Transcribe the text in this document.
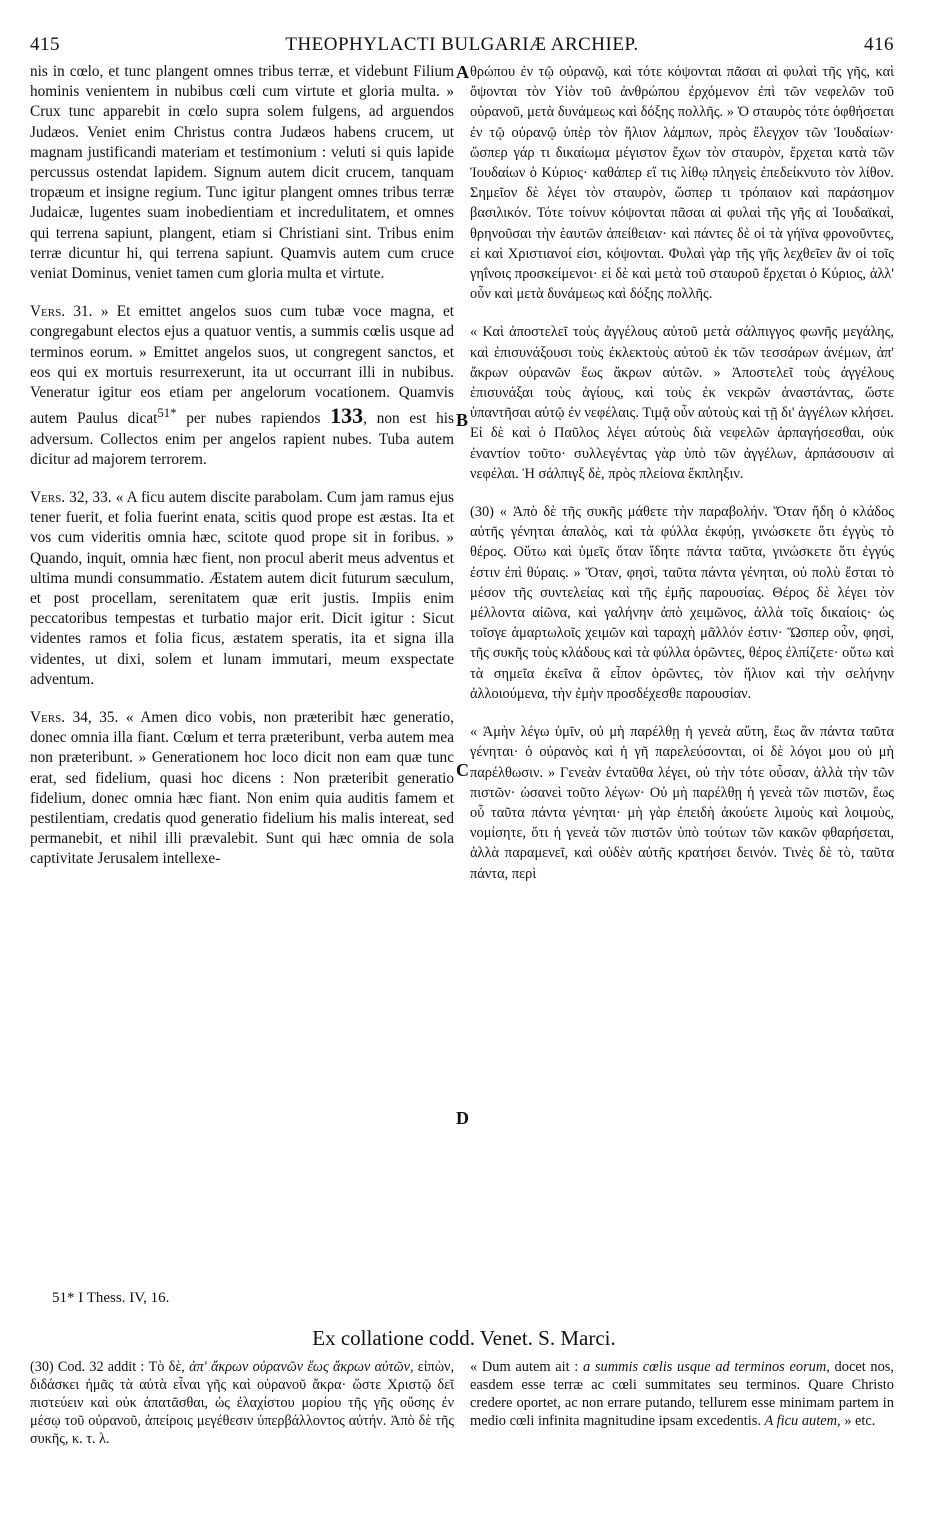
415	THEOPHYLACTI BULGARIÆ ARCHIEP.	416

nis in cœlo, et tunc plangent omnes tribus terræ, et videbunt Filium hominis venientem in nubibus cœli cum virtute et gloria multa. » Crux tunc apparebit in cœlo supra solem fulgens, ad arguendos Judæos. Veniet enim Christus contra Judæos habens crucem, ut magnam justificandi materiam et testimonium : veluti si quis lapide percussus ostendat lapidem. Signum autem dicit crucem, tanquam tropæum et insigne regium. Tunc igitur plangent omnes tribus terræ Judaicæ, lugentes suam inobedientiam et incredulitatem, et omnes qui terrena sapiunt, plangent, etiam si Christiani sint. Tribus enim terræ dicuntur hi, qui terrena sapiunt. Quamvis autem cum cruce veniat Dominus, veniet tamen cum gloria multa et virtute.

Vers. 31. » Et emittet angelos suos cum tubæ voce magna, et congregabunt electos ejus a quatuor ventis, a summis cœlis usque ad terminos eorum. » Emittet angelos suos, ut congregent sanctos, et eos qui ex mortuis resurrexerunt, ita ut occurrant illi in nubibus. Veneratur igitur eos etiam per angelorum vocationem. Quamvis autem Paulus dicat$^{51*}$ per nubes rapiendos 133, non est his adversum. Collectos enim per angelos rapient nubes. Tuba autem dicitur ad majorem terrorem.

Vers. 32, 33. « A ficu autem discite parabolam. Cum jam ramus ejus tener fuerit, et folia fuerint enata, scitis quod prope est æstas. Ita et vos cum videritis omnia hæc, scitote quod prope sit in foribus. » Quando, inquit, omnia hæc fient, non procul aberit meus adventus et ultima mundi consummatio. Æstatem autem dicit futurum sæculum, et post procellam, serenitatem quæ erit justis. Impiis enim peccatoribus tempestas et turbatio major erit. Dicit igitur : Sicut videntes ramos et folia ficus, æstatem speratis, ita et signa illa videntes, ut dixi, solem et lunam immutari, meum exspectate adventum.

Vers. 34, 35. « Amen dico vobis, non præteribit hæc generatio, donec omnia illa fiant. Cœlum et terra præteribunt, verba autem mea non præteribunt. » Generationem hoc loco dicit non eam quæ tunc erat, sed fidelium, quasi hoc dicens : Non præteribit generatio fidelium, donec omnia hæc fiant. Non enim quia auditis famem et pestilentiam, credatis quod generatio fidelium his malis intereat, sed permanebit, et nihil illi prævalebit. Sunt qui hæc omnia de sola captivitate Jerusalem intellexe-

θρώπου ἐν τῷ οὐρανῷ, καὶ τότε κόψονται πᾶσαι αἱ φυλαὶ τῆς γῆς, καὶ ὄψονται τὸν Υἱὸν τοῦ ἀνθρώπου ἐρχόμενον ἐπὶ τῶν νεφελῶν τοῦ οὐρανοῦ, μετὰ δυνάμεως καὶ δόξης πολλῆς. » Ὁ σταυρὸς τότε ὀφθήσεται ἐν τῷ οὐρανῷ ὑπὲρ τὸν ἥλιον λάμπων, πρὸς ἔλεγχον τῶν Ἰουδαίων· ὥσπερ γάρ τι δικαίωμα μέγιστον ἔχων τὸν σταυρὸν, ἔρχεται κατὰ τῶν Ἰουδαίων ὁ Κύριος· καθάπερ εἴ τις λίθῳ πληγεὶς ἐπεδείκνυτο τὸν λίθον. Σημεῖον δὲ λέγει τὸν σταυρὸν, ὥσπερ τι τρόπαιον καὶ παράσημον βασιλικόν. Τότε τοίνυν κόψονται πᾶσαι αἱ φυλαὶ τῆς γῆς αἱ Ἰουδαϊκαὶ, θρηνοῦσαι τὴν ἑαυτῶν ἀπείθειαν· καὶ πάντες δὲ οἱ τὰ γήϊνα φρονοῦντες, εἰ καὶ Χριστιανοί εἰσι, κόψονται. Φυλαὶ γὰρ τῆς γῆς λεχθεῖεν ἂν οἱ τοῖς γηΐνοις προσκείμενοι· εἰ δὲ καὶ μετὰ τοῦ σταυροῦ ἔρχεται ὁ Κύριος, ἀλλ' οὖν καὶ μετὰ δυνάμεως καὶ δόξης πολλῆς.

« Καὶ ἀποστελεῖ τοὺς ἀγγέλους αὐτοῦ μετὰ σάλπιγγος φωνῆς μεγάλης, καὶ ἐπισυνάξουσι τοὺς ἐκλεκτοὺς αὐτοῦ ἐκ τῶν τεσσάρων ἀνέμων, ἀπ' ἄκρων οὐρανῶν ἕως ἄκρων αὐτῶν. » Ἀποστελεῖ τοὺς ἀγγέλους ἐπισυνάξαι τοὺς ἁγίους, καὶ τοὺς ἐκ νεκρῶν ἀναστάντας, ὥστε ὑπαντῆσαι αὐτῷ ἐν νεφέλαις. Τιμᾷ οὖν αὐτοὺς καὶ τῇ δι' ἀγγέλων κλήσει. Εἰ δὲ καὶ ὁ Παῦλος λέγει αὐτοὺς διὰ νεφελῶν ἁρπαγήσεσθαι, οὐκ ἐναντίον τοῦτο· συλλεγέντας γὰρ ὑπὸ τῶν ἀγγέλων, ἁρπάσουσιν αἱ νεφέλαι. Ἡ σάλπιγξ δὲ, πρὸς πλείονα ἔκπληξιν.

(30) « Ἀπὸ δὲ τῆς συκῆς μάθετε τὴν παραβολήν. Ὅταν ἤδη ὁ κλάδος αὐτῆς γένηται ἁπαλὸς, καὶ τὰ φύλλα ἐκφύῃ, γινώσκετε ὅτι ἐγγὺς τὸ θέρος. Οὕτω καὶ ὑμεῖς ὅταν ἴδητε πάντα ταῦτα, γινώσκετε ὅτι ἐγγύς ἐστιν ἐπὶ θύραις. » Ὅταν, φησὶ, ταῦτα πάντα γένηται, οὐ πολὺ ἔσται τὸ μέσον τῆς συντελείας καὶ τῆς ἐμῆς παρουσίας. Θέρος δὲ λέγει τὸν μέλλοντα αἰῶνα, καὶ γαλήνην ἀπὸ χειμῶνος, ἀλλὰ τοῖς δικαίοις· ὡς τοῖσγε ἁμαρτωλοῖς χειμῶν καὶ ταραχὴ μᾶλλόν ἐστιν· Ὥσπερ οὖν, φησὶ, τῆς συκῆς τοὺς κλάδους καὶ τὰ φύλλα ὁρῶντες, θέρος ἐλπίζετε· οὕτω καὶ τὰ σημεῖα ἐκεῖνα ἃ εἶπον ὁρῶντες, τὸν ἥλιον καὶ τὴν σελήνην ἀλλοιούμενα, τὴν ἐμὴν προσδέχεσθε παρουσίαν.

« Ἀμὴν λέγω ὑμῖν, οὐ μὴ παρέλθῃ ἡ γενεὰ αὕτη, ἕως ἂν πάντα ταῦτα γένηται· ὁ οὐρανὸς καὶ ἡ γῆ παρελεύσονται, οἱ δὲ λόγοι μου οὐ μὴ παρέλθωσιν. » Γενεὰν ἐνταῦθα λέγει, οὐ τὴν τότε οὖσαν, ἀλλὰ τὴν τῶν πιστῶν· ὡσανεὶ τοῦτο λέγων· Οὐ μὴ παρέλθῃ ἡ γενεὰ τῶν πιστῶν, ἕως οὗ ταῦτα πάντα γένηται· μὴ γὰρ ἐπειδὴ ἀκούετε λιμοὺς καὶ λοιμοὺς, νομίσητε, ὅτι ἡ γενεὰ τῶν πιστῶν ὑπὸ τούτων τῶν κακῶν φθαρήσεται, ἀλλὰ παραμενεῖ, καὶ οὐδὲν αὐτῆς κρατήσει δεινόν. Τινὲς δὲ τὸ, ταῦτα πάντα, περὶ

A
B
C
D
51* I Thess. IV, 16.
Ex collatione codd. Venet. S. Marci.
(30) Cod. 32 addit : Τὸ δὲ, ἀπ' ἄκρων οὐρανῶν ἕως ἄκρων αὐτῶν, εἰπὼν, διδάσκει ἡμᾶς τὰ αὐτὰ εἶναι γῆς καὶ οὐρανοῦ ἄκρα· ὥστε Χριστῷ δεῖ πιστεύειν καὶ οὐκ ἀπατᾶσθαι, ὡς ἐλαχίστου μορίου τῆς γῆς οὔσης ἐν μέσῳ τοῦ οὐρανοῦ, ἀπείροις μεγέθεσιν ὑπερβάλλοντος αὐτήν. Ἀπὸ δὲ τῆς συκῆς, κ. τ. λ.
« Dum autem ait : a summis cœlis usque ad terminos eorum, docet nos, easdem esse terræ ac cœli summitates seu terminos. Quare Christo credere oportet, ac non errare putando, tellurem esse minimam partem in medio cœli infinita magnitudine ipsam excedentis. A ficu autem, » etc.
